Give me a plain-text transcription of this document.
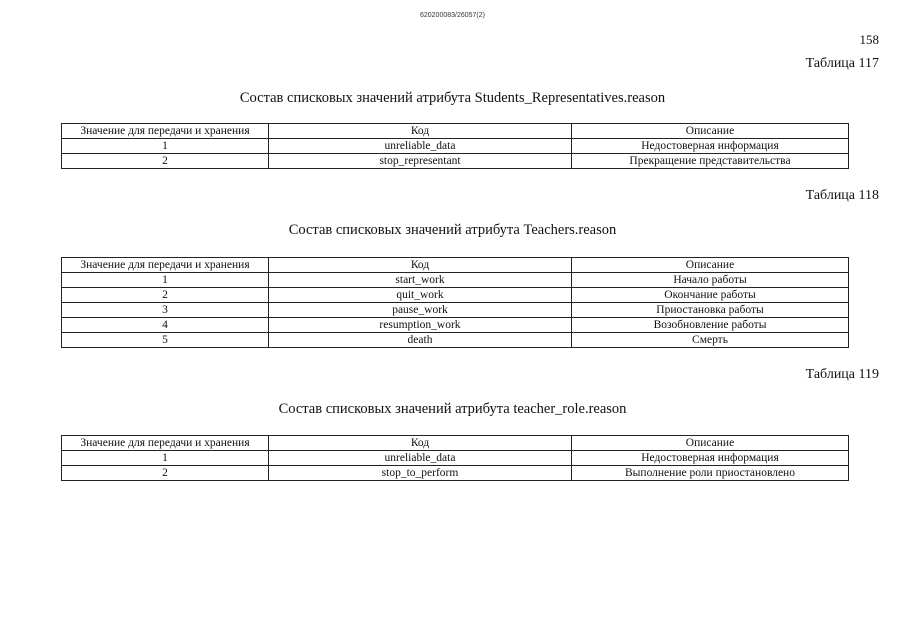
620200083/26057(2)
158
Таблица 117
Состав списковых значений атрибута Students_Representatives.reason
Значение для передачи и хранения	Код	Описание
1	unreliable_data	Недостоверная информация
2	stop_representant	Прекращение представительства
Таблица 118
Состав списковых значений атрибута Teachers.reason
Значение для передачи и хранения	Код	Описание
1	start_work	Начало работы
2	quit_work	Окончание работы
3	pause_work	Приостановка работы
4	resumption_work	Возобновление работы
5	death	Смерть
Таблица 119
Состав списковых значений атрибута teacher_role.reason
Значение для передачи и хранения	Код	Описание
1	unreliable_data	Недостоверная информация
2	stop_to_perform	Выполнение роли приостановлено
